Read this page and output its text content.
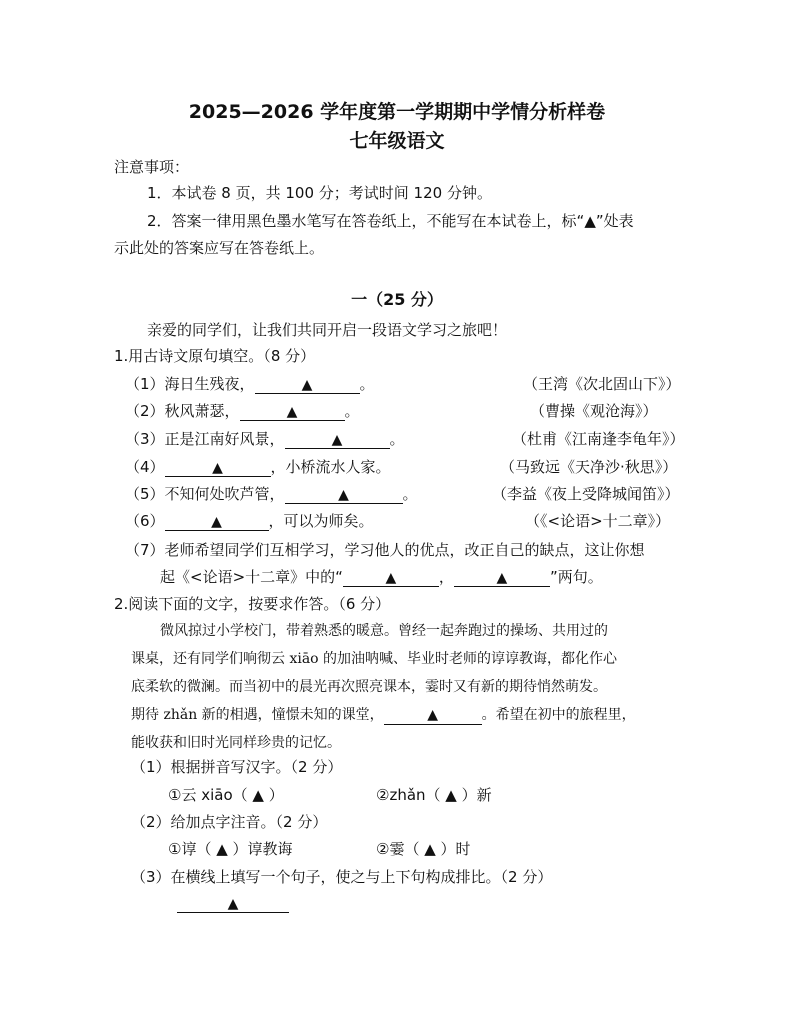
2025—2026 学年度第一学期期中学情分析样卷
七年级语文
注意事项：
1．本试卷 8 页，共 100 分；考试时间 120 分钟。
2．答案一律用黑色墨水笔写在答卷纸上，不能写在本试卷上，标“▲”处表
示此处的答案应写在答卷纸上。
一（25 分）
亲爱的同学们，让我们共同开启一段语文学习之旅吧！
1.用古诗文原句填空。（8 分）
（1）海日生残夜，	▲	。	（王湾《次北固山下》）
（2）秋风萧瑟，	▲	。	（曹操《观沧海》）
（3）正是江南好风景，	▲	。	（杜甫《江南逢李龟年》）
（4）	▲	，小桥流水人家。	（马致远《天净沙·秋思》）
（5）不知何处吹芦管，	▲	。	（李益《夜上受降城闻笛》）
（6）	▲	，可以为师矣。	（《<论语>十二章》）
（7）老师希望同学们互相学习，学习他人的优点，改正自己的缺点，这让你想
起《<论语>十二章》中的“	▲	，	▲	”两句。
2.阅读下面的文字，按要求作答。（6 分）
微风掠过小学校门，带着熟悉的暖意。曾经一起奔跑过的操场、共用过的
课桌，还有同学们响彻云 xiāo 的加油呐喊、毕业时老师的谆谆教诲，都化作心
底柔软的微澜。而当初中的晨光再次照亮课本，霎时又有新的期待悄然萌发。
期待 zhǎn 新的相遇，憧憬未知的课堂，	▲	。希望在初中的旅程里，
能收获和旧时光同样珍贵的记忆。
（1）根据拼音写汉字。（2 分）
①云 xiāo（ ▲ ）	②zhǎn（ ▲ ）新
（2）给加点字注音。（2 分）
①谆（ ▲ ）谆教诲	②霎（ ▲ ）时
（3）在横线上填写一个句子，使之与上下句构成排比。（2 分）
▲
